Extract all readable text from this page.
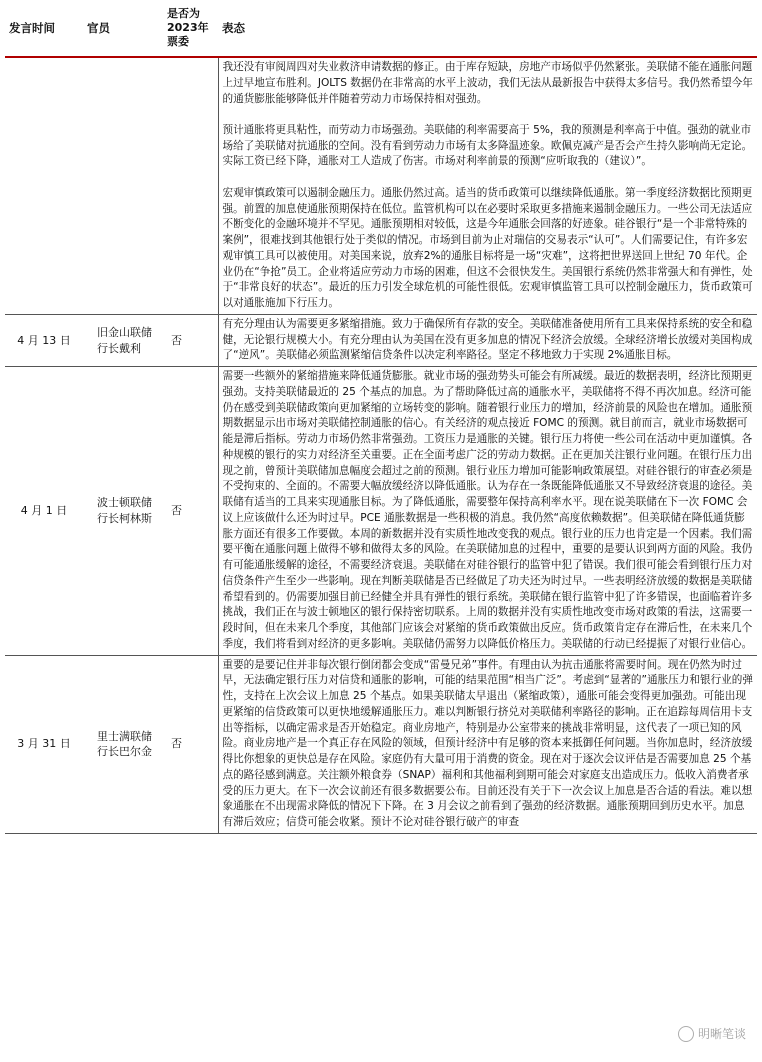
发言时间	官员	是否为2023年票委	表态

			我还没有审阅周四对失业救济申请数据的修正。由于库存短缺，房地产市场似乎仍然紧张。美联储不能在通胀问题上过早地宣布胜利。JOLTS 数据仍在非常高的水平上波动，我们无法从最新报告中获得太多信号。我仍然希望今年的通货膨胀能够降低并伴随着劳动力市场保持相对强劲。

预计通胀将更具粘性，而劳动力市场强劲。美联储的利率需要高于 5%，我的预测是利率高于中值。强劲的就业市场给了美联储对抗通胀的空间。没有看到劳动力市场有太多降温迹象。欧佩克减产是否会产生持久影响尚无定论。实际工资已经下降，通胀对工人造成了伤害。市场对利率前景的预测“应听取我的（建议）”。

宏观审慎政策可以遏制金融压力。通胀仍然过高。适当的货币政策可以继续降低通胀。第一季度经济数据比预期更强。前置的加息使通胀预期保持在低位。监管机构可以在必要时采取更多措施来遏制金融压力。一些公司无法适应不断变化的金融环境并不罕见。通胀预期相对较低，这是今年通胀会回落的好迹象。硅谷银行“是一个非常特殊的案例”，很难找到其他银行处于类似的情况。市场到目前为止对瑞信的交易表示“认可”。人们需要记住，有许多宏观审慎工具可以被使用。对美国来说，放弃2%的通胀目标将是一场“灾难”，这将把世界送回上世纪 70 年代。企业仍在“争抢”员工。企业将适应劳动力市场的困难，但这不会很快发生。美国银行系统仍然非常强大和有弹性，处于“非常良好的状态”。最近的压力引发全球危机的可能性很低。宏观审慎监管工具可以控制金融压力，货币政策可以对通胀施加下行压力。

4 月 13 日	旧金山联储行长戴利	否	有充分理由认为需要更多紧缩措施。致力于确保所有存款的安全。美联储准备使用所有工具来保持系统的安全和稳健，无论银行规模大小。有充分理由认为美国在没有更多加息的情况下经济会放缓。全球经济增长放缓对美国构成了“逆风”。美联储必须监测紧缩信贷条件以决定利率路径。坚定不移地致力于实现 2%通胀目标。

4 月 1 日	波士顿联储行长柯林斯	否	需要一些额外的紧缩措施来降低通货膨胀。就业市场的强劲势头可能会有所减缓。最近的数据表明，经济比预期更强劲。支持美联储最近的 25 个基点的加息。为了帮助降低过高的通胀水平，美联储将不得不再次加息。经济可能仍在感受到美联储政策向更加紧缩的立场转变的影响。随着银行业压力的增加，经济前景的风险也在增加。通胀预期数据显示出市场对美联储控制通胀的信心。有关经济的观点接近 FOMC 的预测。就目前而言，就业市场数据可能是滞后指标。劳动力市场仍然非常强劲。工资压力是通胀的关键。银行压力将使一些公司在活动中更加谨慎。各种规模的银行的实力对经济至关重要。正在全面考虑广泛的劳动力数据。正在更加关注银行业问题。在银行压力出现之前，曾预计美联储加息幅度会超过之前的预测。银行业压力增加可能影响政策展望。对硅谷银行的审查必须是不受拘束的、全面的。不需要大幅放缓经济以降低通胀。认为存在一条既能降低通胀又不导致经济衰退的途径。美联储有适当的工具来实现通胀目标。为了降低通胀，需要整年保持高利率水平。现在说美联储在下一次 FOMC 会议上应该做什么还为时过早。PCE 通胀数据是一些积极的消息。我仍然“高度依赖数据”。但美联储在降低通货膨胀方面还有很多工作要做。本周的新数据并没有实质性地改变我的观点。银行业的压力也肯定是一个因素。我们需要平衡在通胀问题上做得不够和做得太多的风险。在美联储加息的过程中，重要的是要认识到两方面的风险。我仍有可能通胀缓解的途径，不需要经济衰退。美联储在对硅谷银行的监管中犯了错误。我们很可能会看到银行压力对信贷条件产生至少一些影响。现在判断美联储是否已经做足了功夫还为时过早。一些表明经济放缓的数据是美联储希望看到的。仍需要加强目前已经健全并具有弹性的银行系统。美联储在银行监管中犯了许多错误，也面临着许多挑战，我们正在与波士顿地区的银行保持密切联系。上周的数据并没有实质性地改变市场对政策的看法，这需要一段时间，但在未来几个季度，其他部门应该会对紧缩的货币政策做出反应。货币政策肯定存在滞后性，在未来几个季度，我们将看到对经济的更多影响。美联储仍需努力以降低价格压力。美联储的行动已经提振了对银行业信心。

3 月 31 日	里士满联储行长巴尔金	否	重要的是要记住并非每次银行倒闭都会变成“雷曼兄弟”事件。有理由认为抗击通胀将需要时间。现在仍然为时过早，无法确定银行压力对信贷和通胀的影响，可能的结果范围“相当广泛”。考虑到“显著的”通胀压力和银行业的弹性，支持在上次会议上加息 25 个基点。如果美联储太早退出（紧缩政策），通胀可能会变得更加强劲。可能出现更紧缩的信贷政策可以更快地缓解通胀压力。难以判断银行挤兑对美联储利率路径的影响。正在追踪每周信用卡支出等指标，以确定需求是否开始稳定。商业房地产，特别是办公室带来的挑战非常明显，这代表了一项已知的风险。商业房地产是一个真正存在风险的领域，但预计经济中有足够的资本来抵御任何问题。当你加息时，经济放缓得比你想象的更快总是存在风险。家庭仍有大量可用于消费的资金。现在对于逐次会议评估是否需要加息 25 个基点的路径感到满意。关注额外粮食券（SNAP）福利和其他福利到期可能会对家庭支出造成压力。低收入消费者承受的压力更大。在下一次会议前还有很多数据要公布。目前还没有关于下一次会议上加息是否合适的看法。难以想象通胀在不出现需求降低的情况下下降。在 3 月会议之前看到了强劲的经济数据。通胀预期回到历史水平。加息有滞后效应；信贷可能会收紧。预计不论对硅谷银行破产的审查

明晰笔谈
